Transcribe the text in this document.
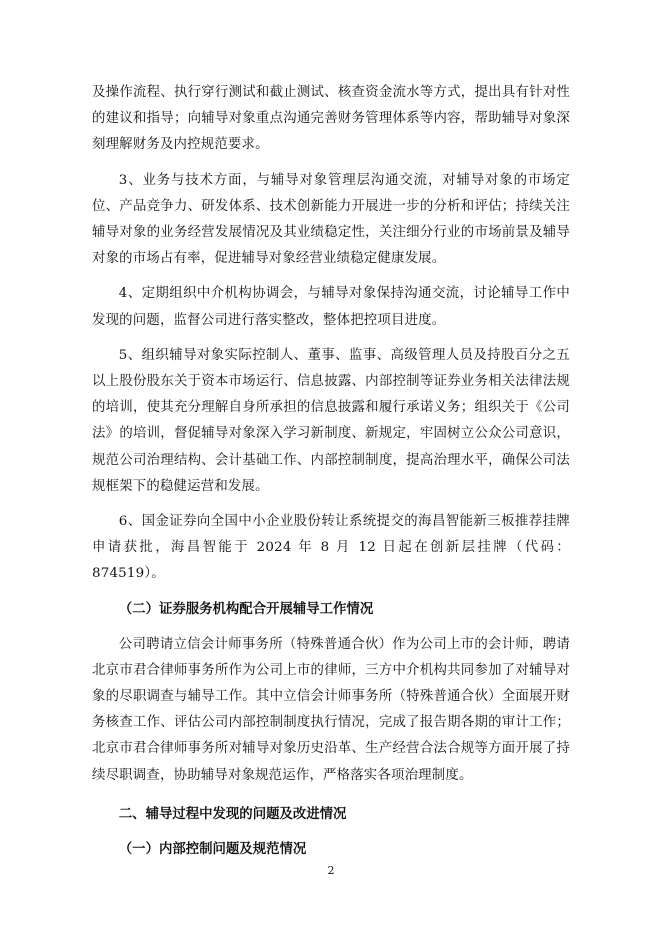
及操作流程、执行穿行测试和截止测试、核查资金流水等方式，提出具有针对性的建议和指导；向辅导对象重点沟通完善财务管理体系等内容，帮助辅导对象深刻理解财务及内控规范要求。

3、业务与技术方面，与辅导对象管理层沟通交流，对辅导对象的市场定位、产品竞争力、研发体系、技术创新能力开展进一步的分析和评估；持续关注辅导对象的业务经营发展情况及其业绩稳定性，关注细分行业的市场前景及辅导对象的市场占有率，促进辅导对象经营业绩稳定健康发展。

4、定期组织中介机构协调会，与辅导对象保持沟通交流，讨论辅导工作中发现的问题，监督公司进行落实整改，整体把控项目进度。

5、组织辅导对象实际控制人、董事、监事、高级管理人员及持股百分之五以上股份股东关于资本市场运行、信息披露、内部控制等证券业务相关法律法规的培训，使其充分理解自身所承担的信息披露和履行承诺义务；组织关于《公司法》的培训，督促辅导对象深入学习新制度、新规定，牢固树立公众公司意识，规范公司治理结构、会计基础工作、内部控制制度，提高治理水平，确保公司法规框架下的稳健运营和发展。

6、国金证券向全国中小企业股份转让系统提交的海昌智能新三板推荐挂牌申请获批，海昌智能于 2024 年 8 月 12 日起在创新层挂牌（代码：874519）。

（二）证券服务机构配合开展辅导工作情况

公司聘请立信会计师事务所（特殊普通合伙）作为公司上市的会计师，聘请北京市君合律师事务所作为公司上市的律师，三方中介机构共同参加了对辅导对象的尽职调查与辅导工作。其中立信会计师事务所（特殊普通合伙）全面展开财务核查工作、评估公司内部控制制度执行情况，完成了报告期各期的审计工作；北京市君合律师事务所对辅导对象历史沿革、生产经营合法合规等方面开展了持续尽职调查，协助辅导对象规范运作，严格落实各项治理制度。

二、辅导过程中发现的问题及改进情况
（一）内部控制问题及规范情况
2
